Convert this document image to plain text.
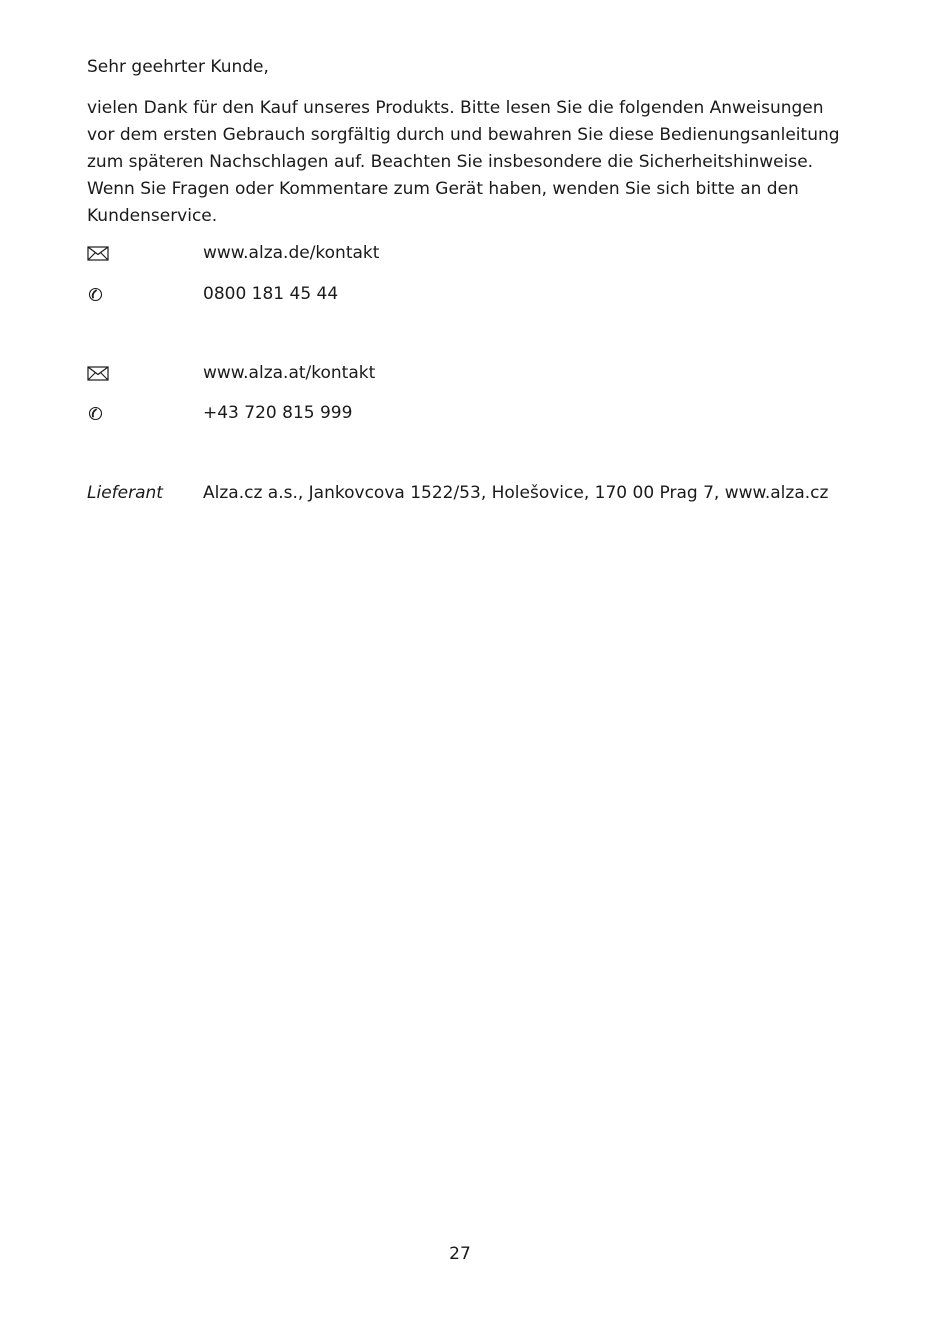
Sehr geehrter Kunde,

vielen Dank für den Kauf unseres Produkts. Bitte lesen Sie die folgenden Anweisungen vor dem ersten Gebrauch sorgfältig durch und bewahren Sie diese Bedienungsanleitung zum späteren Nachschlagen auf. Beachten Sie insbesondere die Sicherheitshinweise. Wenn Sie Fragen oder Kommentare zum Gerät haben, wenden Sie sich bitte an den Kundenservice.

www.alza.de/kontakt
0800 181 45 44
www.alza.at/kontakt
+43 720 815 999
Lieferant Alza.cz a.s., Jankovcova 1522/53, Holešovice, 170 00 Prag 7, www.alza.cz
27
